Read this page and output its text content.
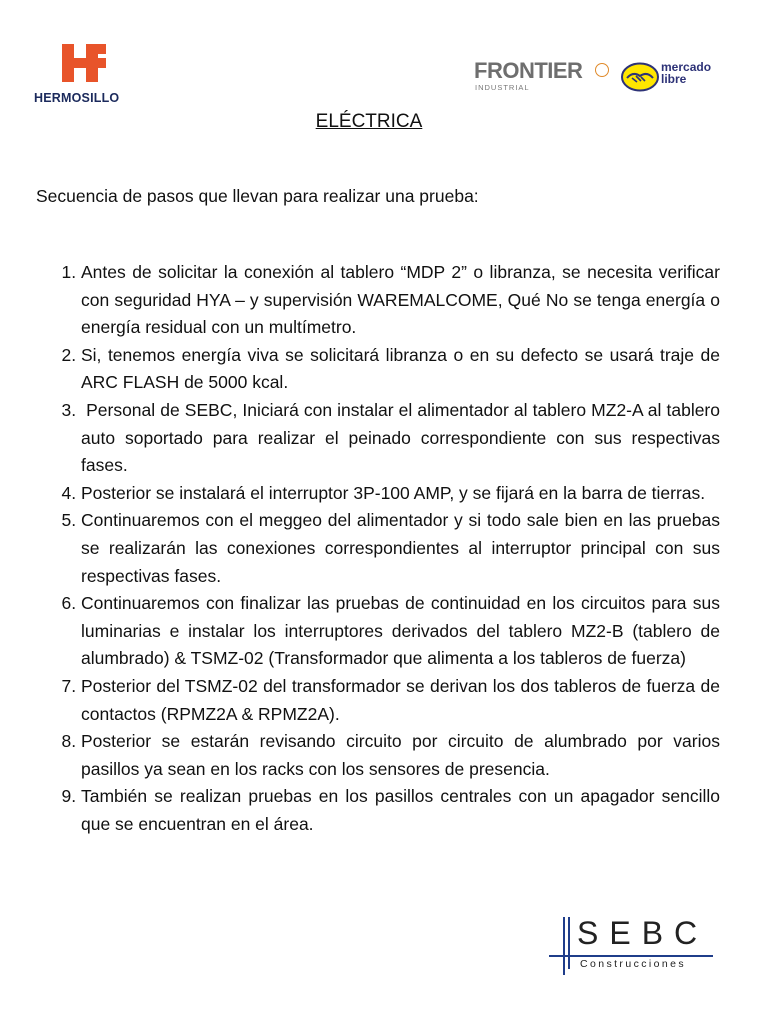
HERMOSILLO
FRONTIER
INDUSTRIAL
mercado libre
ELÉCTRICA
Secuencia de pasos que llevan para realizar una prueba:
1. Antes de solicitar la conexión al tablero “MDP 2” o libranza, se necesita verificar con seguridad HYA – y supervisión WAREMALCOME, Qué No se tenga energía o energía residual con un multímetro.
2. Si, tenemos energía viva se solicitará libranza o en su defecto se usará traje de ARC FLASH de 5000 kcal.
3.  Personal de SEBC, Iniciará con instalar el alimentador al tablero MZ2-A al tablero auto soportado para realizar el peinado correspondiente con sus respectivas fases.
4. Posterior se instalará el interruptor 3P-100 AMP, y se fijará en la barra de tierras.
5. Continuaremos con el meggeo del alimentador y si todo sale bien en las pruebas se realizarán las conexiones correspondientes al interruptor principal con sus respectivas fases.
6. Continuaremos con finalizar las pruebas de continuidad en los circuitos para sus luminarias e instalar los interruptores derivados del tablero MZ2-B (tablero de alumbrado) & TSMZ-02 (Transformador que alimenta a los tableros de fuerza)
7. Posterior del TSMZ-02 del transformador se derivan los dos tableros de fuerza de contactos (RPMZ2A & RPMZ2A).
8. Posterior se estarán revisando circuito por circuito de alumbrado por varios pasillos ya sean en los racks con los sensores de presencia.
9. También se realizan pruebas en los pasillos centrales con un apagador sencillo que se encuentran en el área.
SEBC
Construcciones
